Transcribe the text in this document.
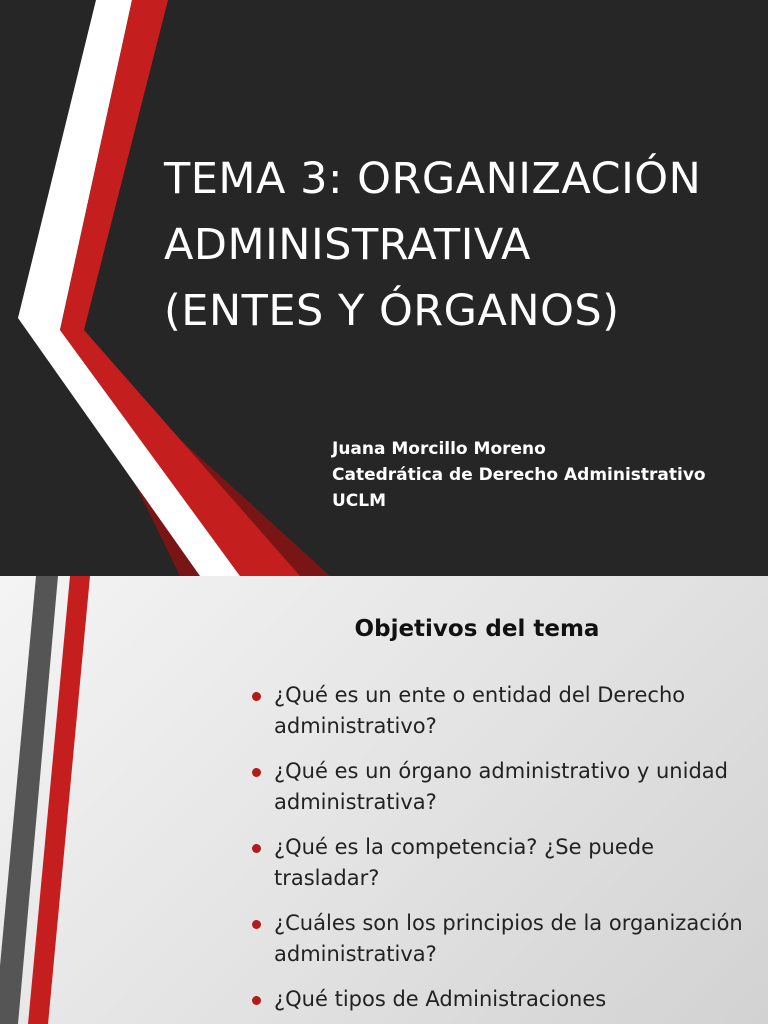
TEMA 3: ORGANIZACIÓN
ADMINISTRATIVA
(ENTES Y ÓRGANOS)
Juana Morcillo Moreno
Catedrática de Derecho Administrativo
UCLM
Objetivos del tema
¿Qué es un ente o entidad del Derecho administrativo?
¿Qué es un órgano administrativo y unidad administrativa?
¿Qué es la competencia? ¿Se puede trasladar?
¿Cuáles son los principios de la organización administrativa?
¿Qué tipos de Administraciones
